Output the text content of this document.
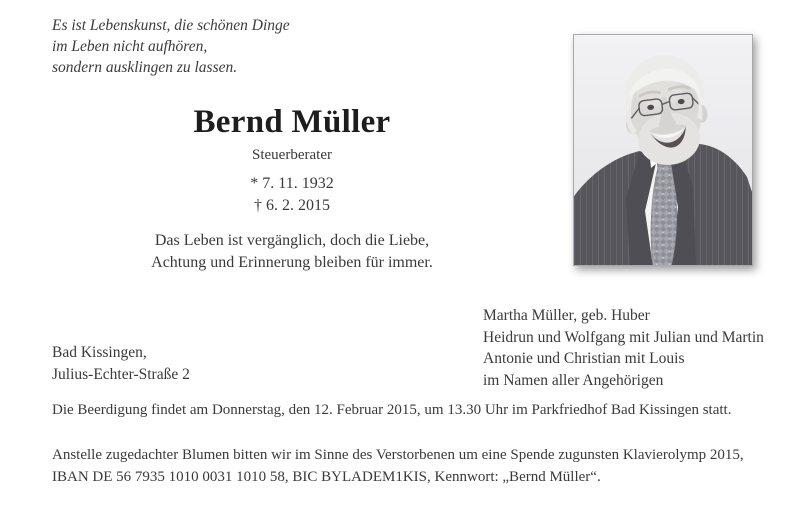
Es ist Lebenskunst, die schönen Dinge
im Leben nicht aufhören,
sondern ausklingen zu lassen.
Bernd Müller
Steuerberater
* 7. 11. 1932
† 6. 2. 2015
Das Leben ist vergänglich, doch die Liebe,
Achtung und Erinnerung bleiben für immer.
Martha Müller, geb. Huber
Heidrun und Wolfgang mit Julian und Martin
Antonie und Christian mit Louis
im Namen aller Angehörigen
Bad Kissingen,
Julius-Echter-Straße 2
Die Beerdigung findet am Donnerstag, den 12. Februar 2015, um 13.30 Uhr im Parkfriedhof Bad Kissingen statt.
Anstelle zugedachter Blumen bitten wir im Sinne des Verstorbenen um eine Spende zugunsten Klavierolymp 2015,
IBAN DE 56 7935 1010 0031 1010 58, BIC BYLADEM1KIS, Kennwort: „Bernd Müller“.
